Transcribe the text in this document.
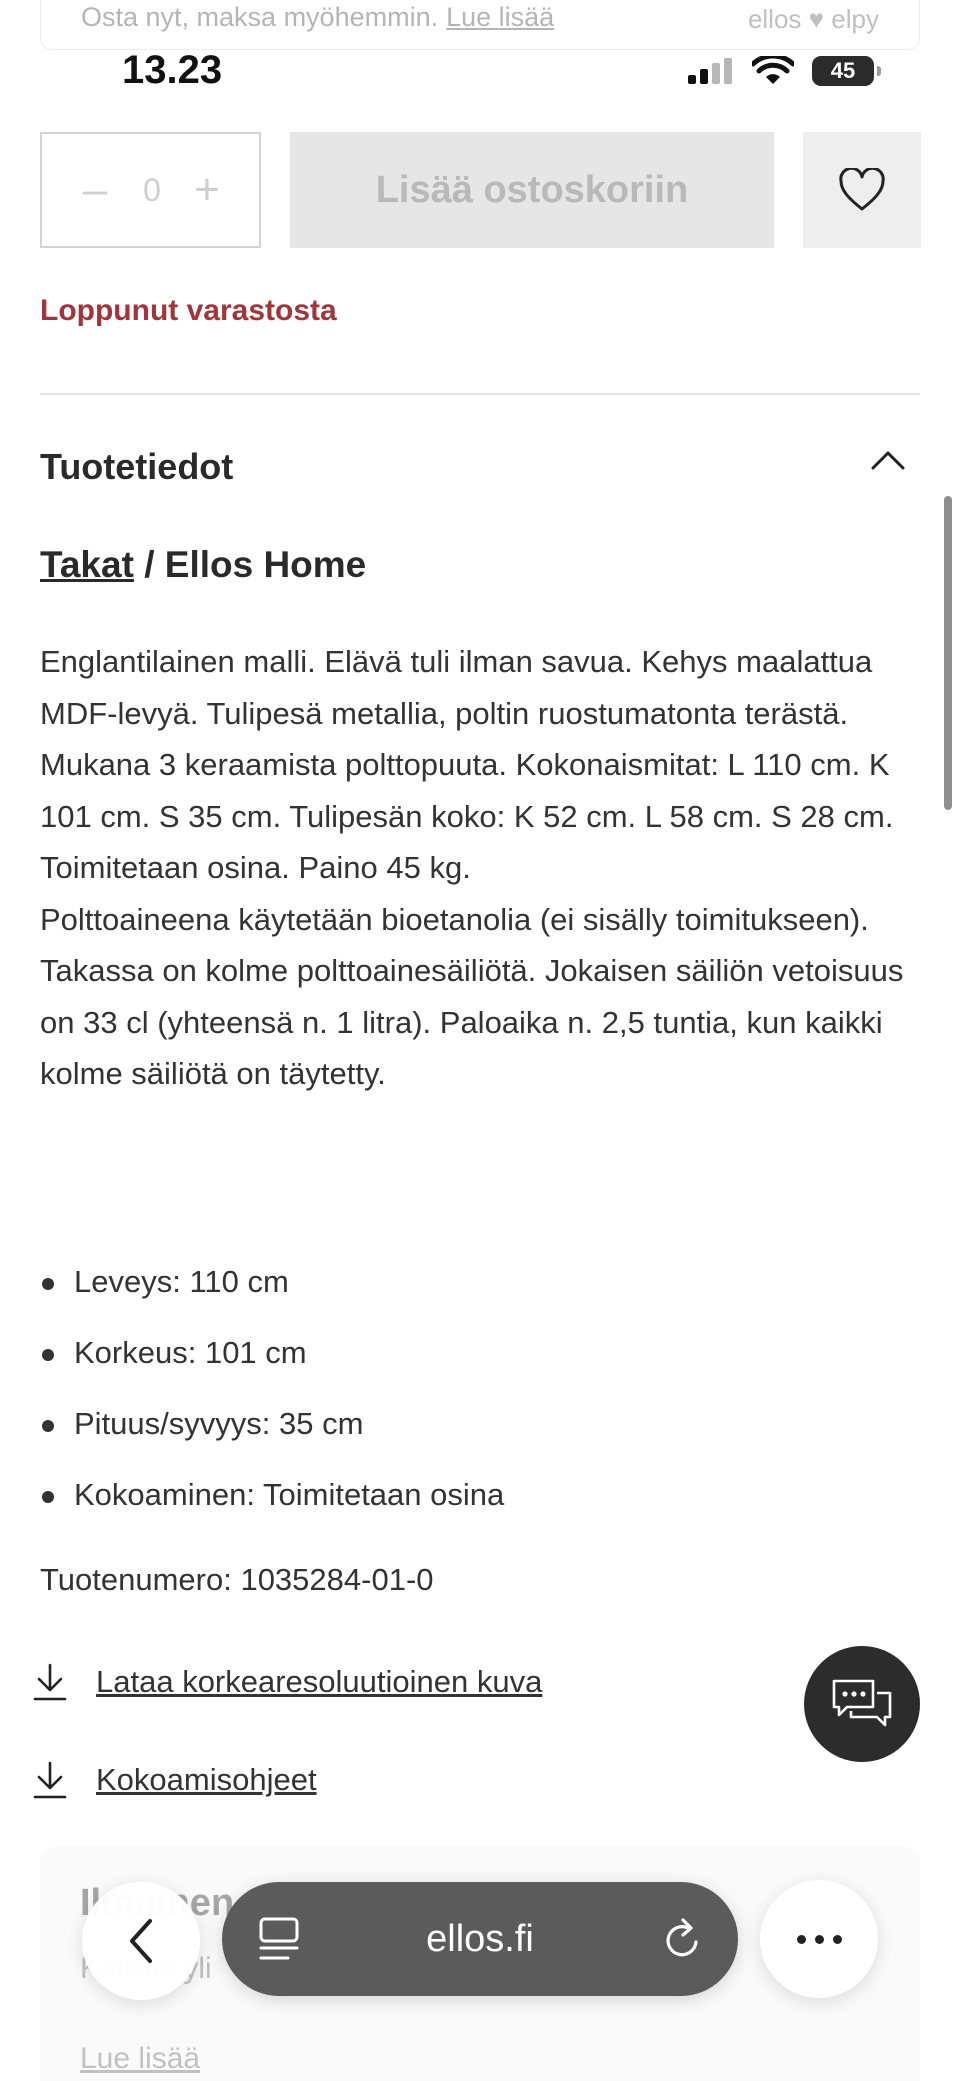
Osta nyt, maksa myöhemmin. Lue lisää	ellos ♥ elpy
13.23	45
–	0 +	Lisää ostoskoriin
Loppunut varastosta
Tuotetiedot
Takat / Ellos Home
Englantilainen malli. Elävä tuli ilman savua. Kehys maalattua MDF-levyä. Tulipesä metallia, poltin ruostumatonta terästä. Mukana 3 keraamista polttopuuta. Kokonaismitat: L 110 cm. K 101 cm. S 35 cm. Tulipesän koko: K 52 cm. L 58 cm. S 28 cm. Toimitetaan osina. Paino 45 kg.
Polttoaineena käytetään bioetanolia (ei sisälly toimitukseen). Takassa on kolme polttoainesäiliötä. Jokaisen säiliön vetoisuus on 33 cl (yhteensä n. 1 litra). Paloaika n. 2,5 tuntia, kun kaikki kolme säiliötä on täytetty.
Leveys: 110 cm
Korkeus: 101 cm
Pituus/syvyys: 35 cm
Kokoaminen: Toimitetaan osina
Tuotenumero: 1035284-01-0
Lataa korkearesoluutioinen kuva
Kokoamisohjeet
ellos.fi
